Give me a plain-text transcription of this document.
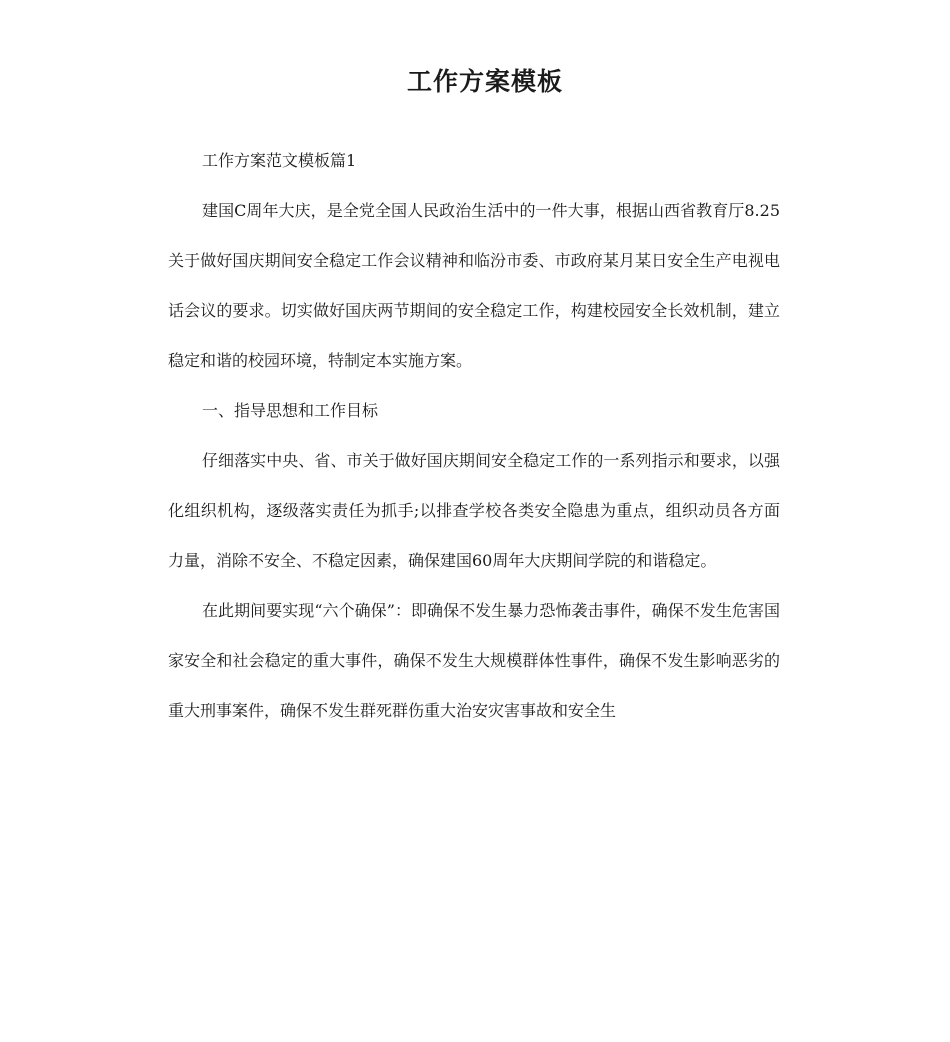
工作方案模板

工作方案范文模板篇1

建国C周年大庆，是全党全国人民政治生活中的一件大事，根据山西省教育厅8.25关于做好国庆期间安全稳定工作会议精神和临汾市委、市政府某月某日安全生产电视电话会议的要求。切实做好国庆两节期间的安全稳定工作，构建校园安全长效机制，建立稳定和谐的校园环境，特制定本实施方案。

一、指导思想和工作目标

仔细落实中央、省、市关于做好国庆期间安全稳定工作的一系列指示和要求，以强化组织机构，逐级落实责任为抓手;以排查学校各类安全隐患为重点，组织动员各方面力量，消除不安全、不稳定因素，确保建国60周年大庆期间学院的和谐稳定。

在此期间要实现“六个确保”：即确保不发生暴力恐怖袭击事件，确保不发生危害国家安全和社会稳定的重大事件，确保不发生大规模群体性事件，确保不发生影响恶劣的重大刑事案件，确保不发生群死群伤重大治安灾害事故和安全生
